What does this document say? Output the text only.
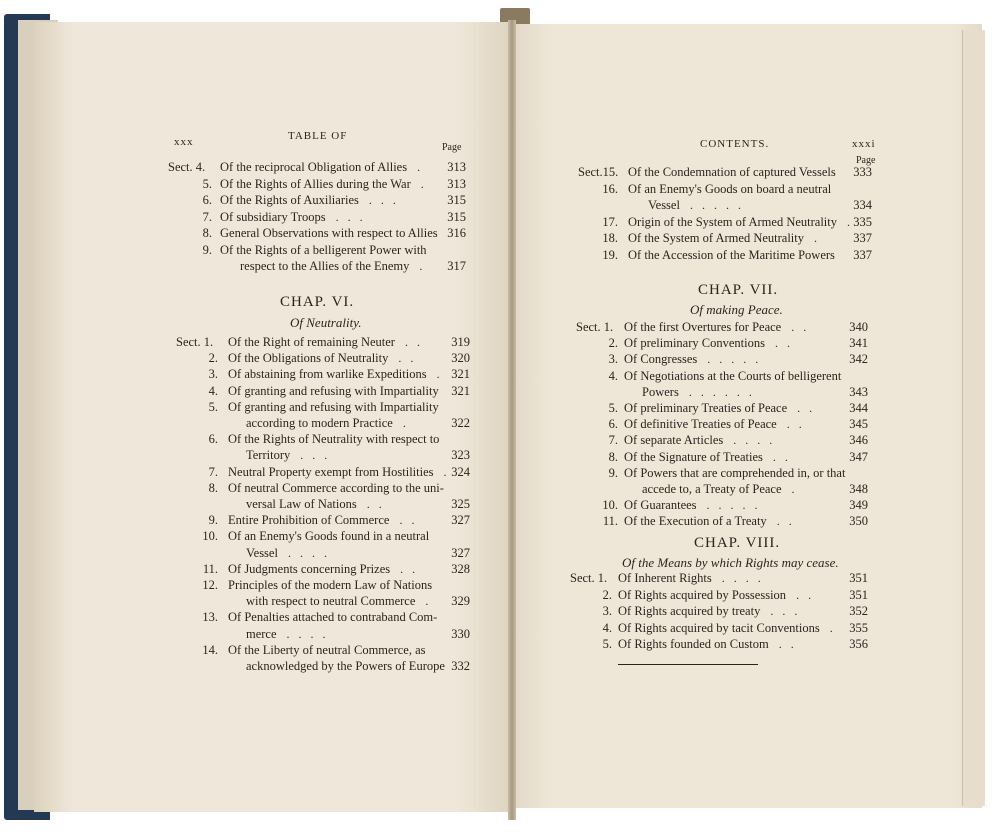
xxx	TABLE OF
Page
Sect. 4. Of the reciprocal Obligation of Allies .	313
5. Of the Rights of Allies during the War .	313
6. Of the Rights of Auxiliaries . . .	315
7. Of subsidiary Troops . . .	315
8. General Observations with respect to Allies 316
9. Of the Rights of a belligerent Power with
respect to the Allies of the Enemy .	317
CHAP. VI.
Of Neutrality.
Sect. 1. Of the Right of remaining Neuter . .	319
2. Of the Obligations of Neutrality . .	320
3. Of abstaining from warlike Expeditions . 321
4. Of granting and refusing with Impartiality	321
5. Of granting and refusing with Impartiality
according to modern Practice .	322
6. Of the Rights of Neutrality with respect to
Territory . . .	323
7. Neutral Property exempt from Hostilities . 324
8. Of neutral Commerce according to the uni-
versal Law of Nations . .	325
9. Entire Prohibition of Commerce . .	327
10. Of an Enemy's Goods found in a neutral
Vessel . . . .	327
11. Of Judgments concerning Prizes . .	328
12. Principles of the modern Law of Nations
with respect to neutral Commerce .	329
13. Of Penalties attached to contraband Com-
merce . . . .	330
14. Of the Liberty of neutral Commerce, as
acknowledged by the Powers of Europe 332
CONTENTS.	xxxi
Page
Sect.15. Of the Condemnation of captured Vessels	333
16. Of an Enemy's Goods on board a neutral
Vessel . . . . .	334
17. Origin of the System of Armed Neutrality . 335
18. Of the System of Armed Neutrality .	337
19. Of the Accession of the Maritime Powers	337
CHAP. VII.
Of making Peace.
Sect. 1. Of the first Overtures for Peace . .	340
2. Of preliminary Conventions . .	341
3. Of Congresses . . . . .	342
4. Of Negotiations at the Courts of belligerent
Powers . . . . . .	343
5. Of preliminary Treaties of Peace . .	344
6. Of definitive Treaties of Peace . .	345
7. Of separate Articles . . . .	346
8. Of the Signature of Treaties . .	347
9. Of Powers that are comprehended in, or that
accede to, a Treaty of Peace .	348
10. Of Guarantees . . . . .	349
11. Of the Execution of a Treaty . .	350
CHAP. VIII.
Of the Means by which Rights may cease.
Sect. 1. Of Inherent Rights . . . .	351
2. Of Rights acquired by Possession . .	351
3. Of Rights acquired by treaty . . .	352
4. Of Rights acquired by tacit Conventions .	355
5. Of Rights founded on Custom . .	356
